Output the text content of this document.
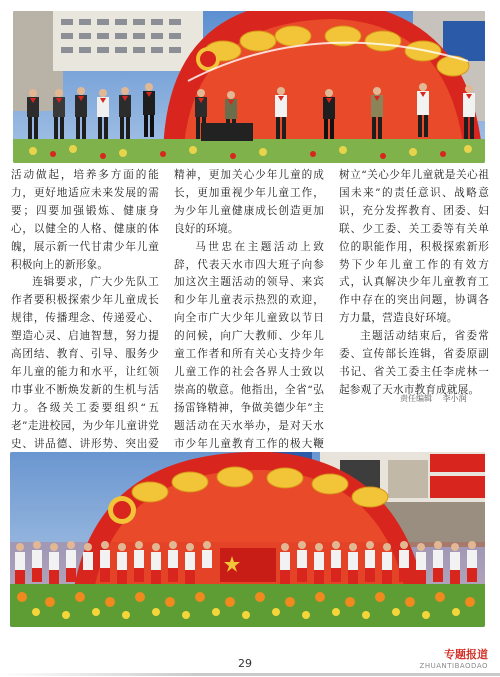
活动做起，培养多方面的能力，更好地适应未来发展的需要；四要加强锻炼、健康身心，以健全的人格、健康的体魄，展示新一代甘肃少年儿童积极向上的新形象。

连辑要求，广大少先队工作者要积极探索少年儿童成长规律，传播理念、传递爱心、塑造心灵、启迪智慧，努力提高团结、教育、引导、服务少年儿童的能力和水平，让红领巾事业不断焕发新的生机与活力。各级关工委要组织“五老”走进校园，为少年儿童讲党史、讲品德、讲形势、突出爱

精神，更加关心少年儿童的成长，更加重视少年儿童工作，为少年儿童健康成长创造更加良好的环境。

马世忠在主题活动上致辞，代表天水市四大班子向参加这次主题活动的领导、来宾和少年儿童表示热烈的欢迎，向全市广大少年儿童致以节日的问候，向广大教师、少年儿童工作者和所有关心支持少年儿童工作的社会各界人士致以崇高的敬意。他指出，全省“弘扬雷锋精神，争做美德少年”主题活动在天水举办，是对天水市少年儿童教育工作的极大鞭

树立“关心少年儿童就是关心祖国未来”的责任意识、战略意识，充分发挥教育、团委、妇联、少工委、关工委等有关单位的职能作用，积极探索新形势下少年儿童工作的有效方式，认真解决少年儿童教育工作中存在的突出问题，协调各方力量，营造良好环境。

主题活动结束后，省委常委、宣传部长连辑，省委原副书记、省关工委主任李虎林一起参观了天水市教育成就展。

责任编辑 李小润
29
专题报道
ZHUANTIBAODAO
